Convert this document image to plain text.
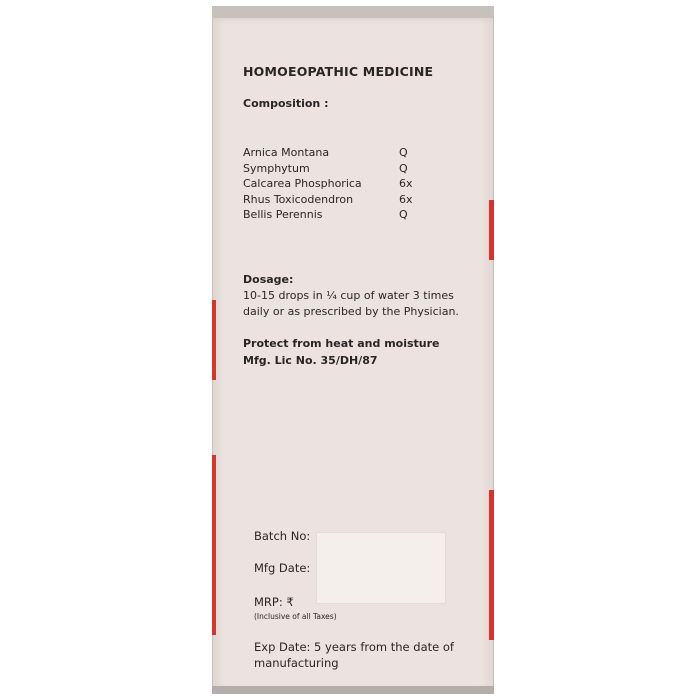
HOMOEOPATHIC MEDICINE
Composition :
Arnica Montana	Q
Symphytum	Q
Calcarea Phosphorica	6x
Rhus Toxicodendron	6x
Bellis Perennis	Q
Dosage:
10-15 drops in ¼ cup of water 3 times
daily or as prescribed by the Physician.
Protect from heat and moisture
Mfg. Lic No. 35/DH/87
Batch No:
Mfg Date:
MRP: ₹
(Inclusive of all Taxes)
Exp Date: 5 years from the date of
manufacturing
